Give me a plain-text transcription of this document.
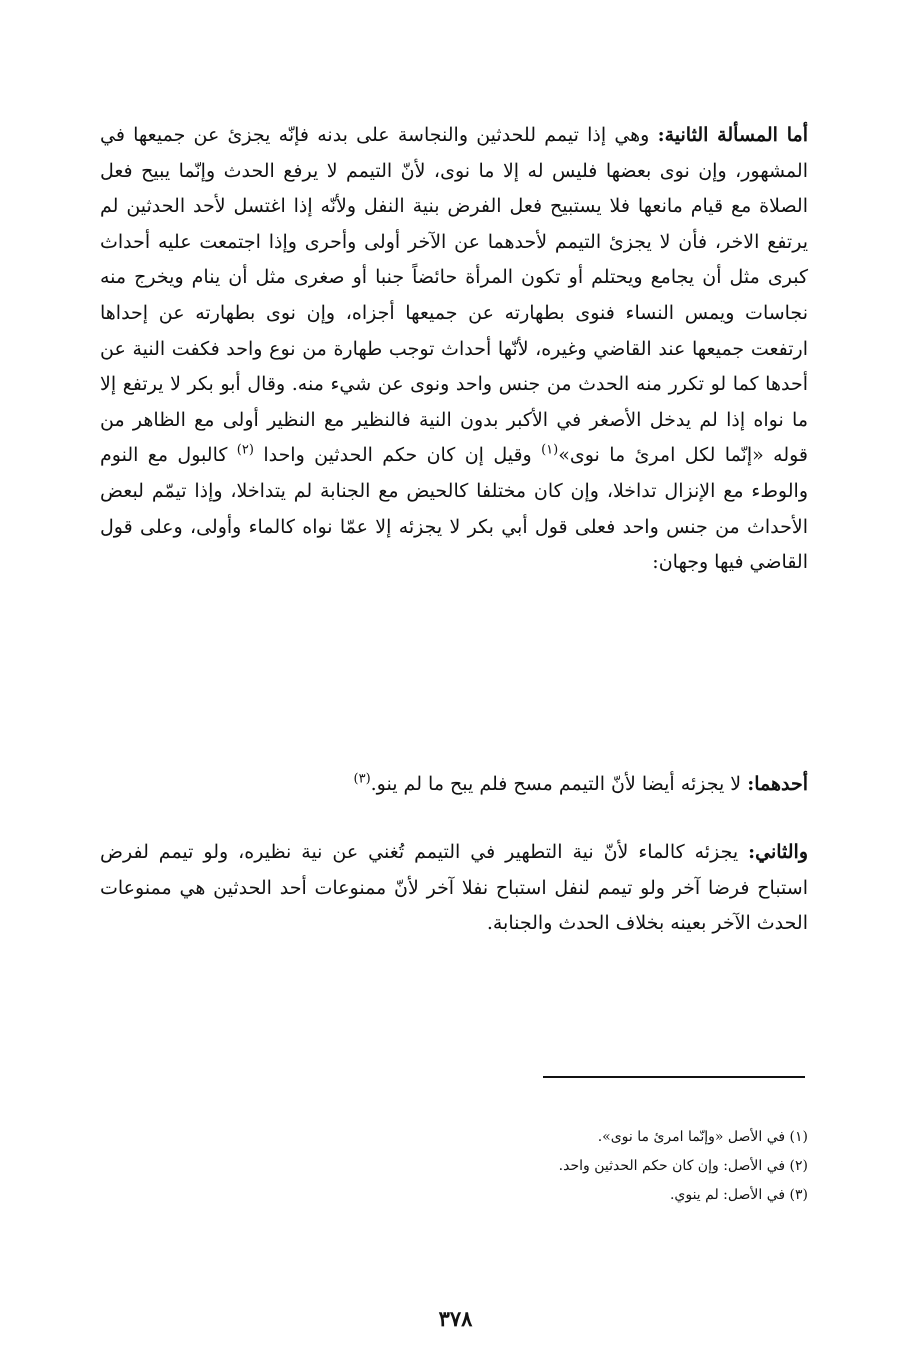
أما المسألة الثانية: وهي إذا تيمم للحدثين والنجاسة على بدنه فإنّه يجزئ عن جميعها في المشهور، وإن نوى بعضها فليس له إلا ما نوى، لأنّ التيمم لا يرفع الحدث وإنّما يبيح فعل الصلاة مع قيام مانعها فلا يستبيح فعل الفرض بنية النفل ولأنّه إذا اغتسل لأحد الحدثين لم يرتفع الاخر، فأن لا يجزئ التيمم لأحدهما عن الآخر أولى وأحرى وإذا اجتمعت عليه أحداث كبرى مثل أن يجامع ويحتلم أو تكون المرأة حائضاً جنبا أو صغرى مثل أن ينام ويخرج منه نجاسات ويمس النساء فنوى بطهارته عن جميعها أجزاه، وإن نوى بطهارته عن إحداها ارتفعت جميعها عند القاضي وغيره، لأنّها أحداث توجب طهارة من نوع واحد فكفت النية عن أحدها كما لو تكرر منه الحدث من جنس واحد ونوى عن شيء منه. وقال أبو بكر لا يرتفع إلا ما نواه إذا لم يدخل الأصغر في الأكبر بدون النية فالنظير مع النظير أولى مع الظاهر من قوله «إنّما لكل امرئ ما نوى»$^{(١)}$ وقيل إن كان حكم الحدثين واحدا $^{(٢)}$ كالبول مع النوم والوطء مع الإنزال تداخلا، وإن كان مختلفا كالحيض مع الجنابة لم يتداخلا، وإذا تيمّم لبعض الأحداث من جنس واحد فعلى قول أبي بكر لا يجزئه إلا عمّا نواه كالماء وأولى، وعلى قول القاضي فيها وجهان:

أحدهما: لا يجزئه أيضا لأنّ التيمم مسح فلم يبح ما لم ينو.$^{(٣)}$

والثاني: يجزئه كالماء لأنّ نية التطهير في التيمم تُغني عن نية نظيره، ولو تيمم لفرض استباح فرضا آخر ولو تيمم لنفل استباح نفلا آخر لأنّ ممنوعات أحد الحدثين هي ممنوعات الحدث الآخر بعينه بخلاف الحدث والجنابة.

(١) في الأصل «وإنّما امرئ ما نوى».
(٢) في الأصل: وإن كان حكم الحدثين واحد.
(٣) في الأصل: لم ينوي.
٣٧٨
